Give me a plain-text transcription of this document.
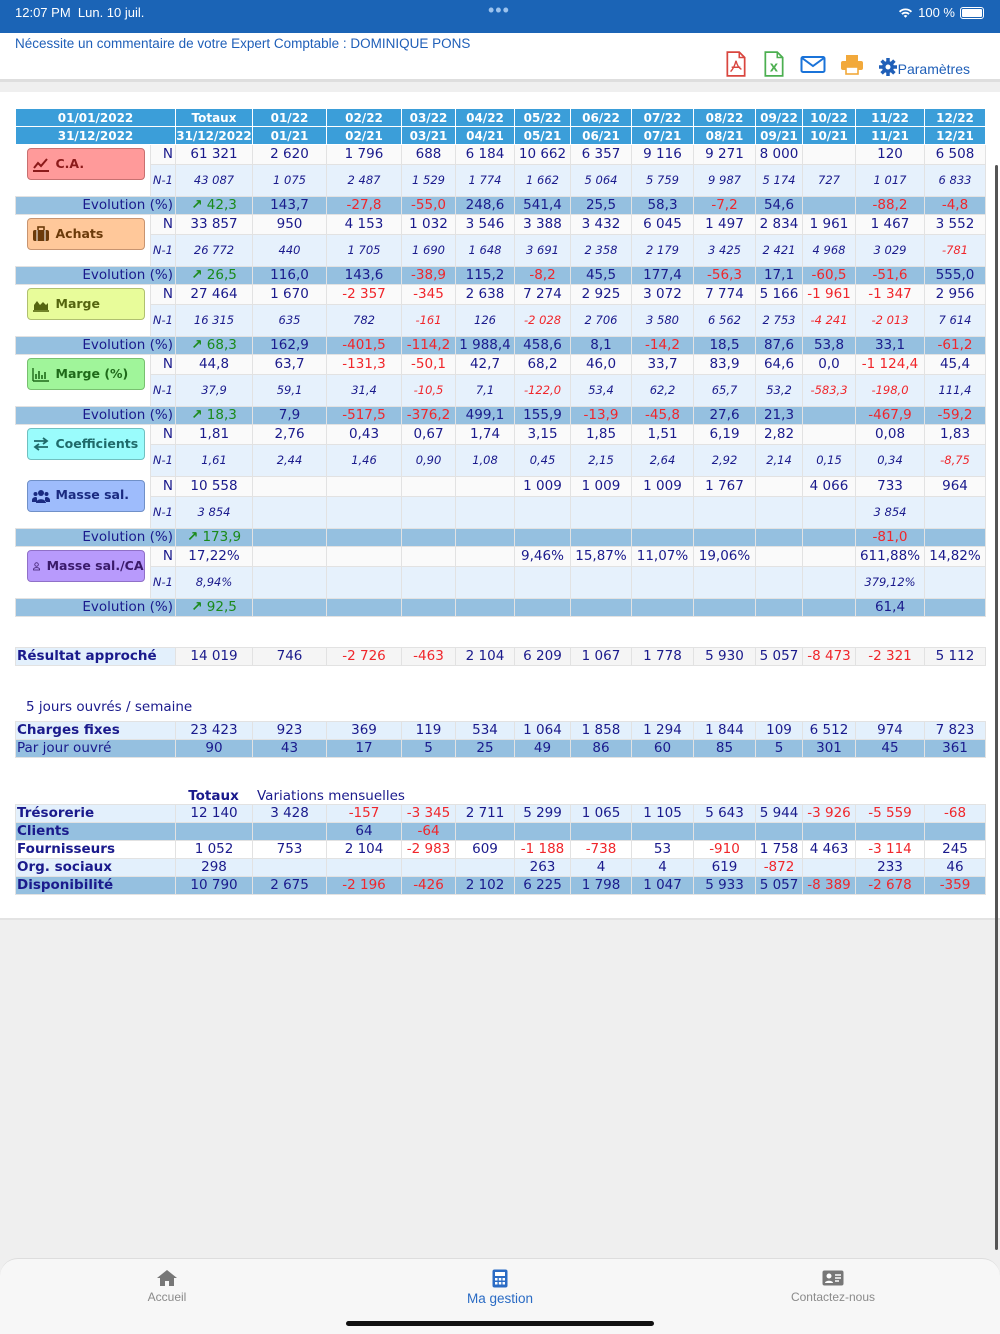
12:07 PM Lun. 10 juil.	•••	100 %
Nécessite un commentaire de votre Expert Comptable : DOMINIQUE PONS
X	Paramètres
01/01/2022		Totaux	01/22	02/22	03/22	04/22	05/22	06/22	07/22	08/22	09/22	10/22	11/22	12/22
31/12/2022		31/12/2022	01/21	02/21	03/21	04/21	05/21	06/21	07/21	08/21	09/21	10/21	11/21	12/21

C.A.	N	61 321	2 620	1 796	688	6 184	10 662	6 357	9 116	9 271	8 000		120	6 508
	N-1	43 087	1 075	2 487	1 529	1 774	1 662	5 064	5 759	9 987	5 174	727	1 017	6 833
Evolution (%)		↗ 42,3	143,7	-27,8	-55,0	248,6	541,4	25,5	58,3	-7,2	54,6		-88,2	-4,8

Achats	N	33 857	950	4 153	1 032	3 546	3 388	3 432	6 045	1 497	2 834	1 961	1 467	3 552
	N-1	26 772	440	1 705	1 690	1 648	3 691	2 358	2 179	3 425	2 421	4 968	3 029	-781
Evolution (%)		↗ 26,5	116,0	143,6	-38,9	115,2	-8,2	45,5	177,4	-56,3	17,1	-60,5	-51,6	555,0

Marge	N	27 464	1 670	-2 357	-345	2 638	7 274	2 925	3 072	7 774	5 166	-1 961	-1 347	2 956
	N-1	16 315	635	782	-161	126	-2 028	2 706	3 580	6 562	2 753	-4 241	-2 013	7 614
Evolution (%)		↗ 68,3	162,9	-401,5	-114,2	1 988,4	458,6	8,1	-14,2	18,5	87,6	53,8	33,1	-61,2

Marge (%)	N	44,8	63,7	-131,3	-50,1	42,7	68,2	46,0	33,7	83,9	64,6	0,0	-1 124,4	45,4
	N-1	37,9	59,1	31,4	-10,5	7,1	-122,0	53,4	62,2	65,7	53,2	-583,3	-198,0	111,4
Evolution (%)		↗ 18,3	7,9	-517,5	-376,2	499,1	155,9	-13,9	-45,8	27,6	21,3		-467,9	-59,2

Coefficients	N	1,81	2,76	0,43	0,67	1,74	3,15	1,85	1,51	6,19	2,82		0,08	1,83
	N-1	1,61	2,44	1,46	0,90	1,08	0,45	2,15	2,64	2,92	2,14	0,15	0,34	-8,75

Masse sal.	N	10 558					1 009	1 009	1 009	1 767		4 066	733	964
	N-1	3 854											3 854	
Evolution (%)		↗ 173,9											-81,0	

Masse sal./CA	N	17,22%					9,46%	15,87%	11,07%	19,06%			611,88%	14,82%
	N-1	8,94%											379,12%	
Evolution (%)		↗ 92,5											61,4	
Résultat approché	14 019	746	-2 726	-463	2 104	6 209	1 067	1 778	5 930	5 057	-8 473	-2 321	5 112
5 jours ouvrés / semaine
Charges fixes	23 423	923	369	119	534	1 064	1 858	1 294	1 844	109	6 512	974	7 823
Par jour ouvré	90	43	17	5	25	49	86	60	85	5	301	45	361
Totaux	Variations mensuelles
Trésorerie	12 140	3 428	-157	-3 345	2 711	5 299	1 065	1 105	5 643	5 944	-3 926	-5 559	-68
Clients			64	-64									
Fournisseurs	1 052	753	2 104	-2 983	609	-1 188	-738	53	-910	1 758	4 463	-3 114	245
Org. sociaux	298					263	4	4	619	-872		233	46
Disponibilité	10 790	2 675	-2 196	-426	2 102	6 225	1 798	1 047	5 933	5 057	-8 389	-2 678	-359
Accueil	Ma gestion	Contactez-nous
